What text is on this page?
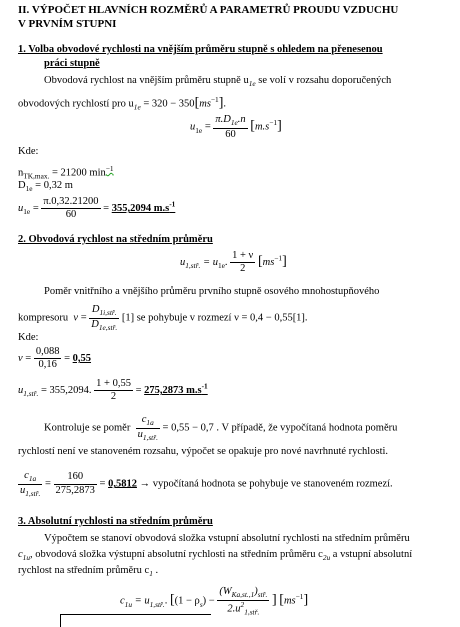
II. VÝPOČET HLAVNÍCH ROZMĚRŮ A PARAMETRŮ PROUDU VZDUCHU
V PRVNÍM STUPNI
1. Volba obvodové rychlosti na vnějším průměru stupně s ohledem na přenesenou
práci stupně
Obvodová rychlost na vnějším průměru stupně $u_{1e}$ se volí v rozsahu doporučených
obvodových rychlostí pro $u_{1e} = 320 - 350[ms^{-1}]$.
$u_{1e} = \frac{\pi.D_{1e}.n}{60} [m.s^{-1}]$
Kde:
$n_{TK,max.} = 21200$ $\min^{-1}$
$D_{1e} = 0,32$ m
$u_{1e} = \frac{\pi.0,32.21200}{60} = 355,2094$ $m.s^{-1}$
2. Obvodová rychlost na středním průměru
$u_{1,stř.} = u_{1e}$. $\frac{1 + \nu}{2} [ms^{-1}]$
Poměr vnitřního a vnějšího průměru prvního stupně osového mnohostupňového
kompresoru $\nu = \frac{D_{1i,stř.}}{D_{1e,stř.}} [1]$ se pohybuje v rozmezí ν = 0,4 − 0,55[1].
Kde:
$\nu = \frac{0,088}{0,16} = 0,55$
$u_{1,stř.} = 355,2094$. $\frac{1 + 0,55}{2} = 275,2873$ $m.s^{-1}$
Kontroluje se poměr $\frac{c_{1a}}{u_{1,stř.}} = 0,55 - 0,7$ . V případě, že vypočítaná hodnota poměru
rychlostí není ve stanoveném rozsahu, výpočet se opakuje pro nové navrhnuté rychlosti.
$\frac{c_{1a}}{u_{1,stř.}} = \frac{160}{275,2873} = 0,5812$ → vypočítaná hodnota se pohybuje ve stanoveném rozmezí.
3. Absolutní rychlosti na středním průměru
Výpočtem se stanoví obvodová složka vstupní absolutní rychlosti na středním průměru
$c_{1u}$, obvodová složka výstupní absolutní rychlosti na středním průměru $c_{2u}$ a vstupní absolutní
rychlost na středním průměru $c_1$ .
$c_{1u} = u_{1,stř.}$. [$(1 - \rho_s) - \frac{(W_{Ka,st.,1})_{stř.}}{2.u^2_{1,stř.}}$ ] $[ms^{-1}]$
